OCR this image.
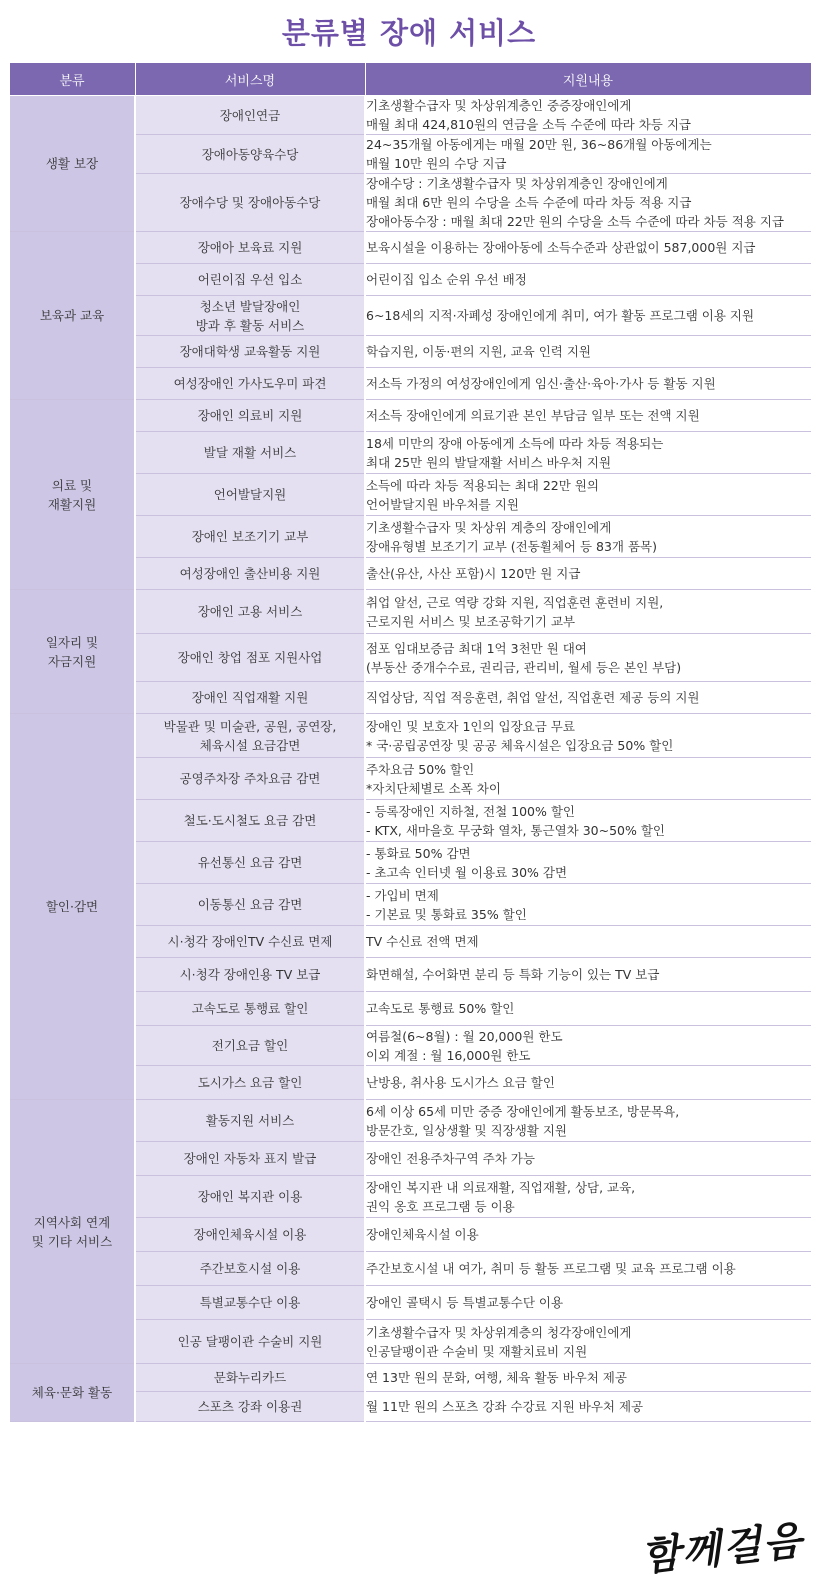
분류별 장애 서비스
분류	서비스명	지원내용

생활 보장	장애인연금	기초생활수급자 및 차상위계층인 중증장애인에게
매월 최대 424,810원의 연금을 소득 수준에 따라 차등 지급

	장애아동양육수당	24~35개월 아동에게는 매월 20만 원, 36~86개월 아동에게는
매월 10만 원의 수당 지급

	장애수당 및 장애아동수당	장애수당 : 기초생활수급자 및 차상위계층인 장애인에게
매월 최대 6만 원의 수당을 소득 수준에 따라 차등 적용 지급
장애아동수장 : 매월 최대 22만 원의 수당을 소득 수준에 따라 차등 적용 지급

보육과 교육	장애아 보육료 지원	보육시설을 이용하는 장애아동에 소득수준과 상관없이 587,000원 지급

	어린이집 우선 입소	어린이집 입소 순위 우선 배정

	청소년 발달장애인
방과 후 활동 서비스	6~18세의 지적·자폐성 장애인에게 취미, 여가 활동 프로그램 이용 지원

	장애대학생 교육활동 지원	학습지원, 이동·편의 지원, 교육 인력 지원

	여성장애인 가사도우미 파견	저소득 가정의 여성장애인에게 임신·출산·육아·가사 등 활동 지원

의료 및
재활지원	장애인 의료비 지원	저소득 장애인에게 의료기관 본인 부담금 일부 또는 전액 지원

	발달 재활 서비스	18세 미만의 장애 아동에게 소득에 따라 차등 적용되는
최대 25만 원의 발달재활 서비스 바우처 지원

	언어발달지원	소득에 따라 차등 적용되는 최대 22만 원의
언어발달지원 바우처를 지원

	장애인 보조기기 교부	기초생활수급자 및 차상위 계층의 장애인에게
장애유형별 보조기기 교부 (전동휠체어 등 83개 품목)

	여성장애인 출산비용 지원	출산(유산, 사산 포함)시 120만 원 지급

일자리 및
자금지원	장애인 고용 서비스	취업 알선, 근로 역량 강화 지원, 직업훈련 훈련비 지원,
근로지원 서비스 및 보조공학기기 교부

	장애인 창업 점포 지원사업	점포 임대보증금 최대 1억 3천만 원 대여
(부동산 중개수수료, 권리금, 관리비, 월세 등은 본인 부담)

	장애인 직업재활 지원	직업상담, 직업 적응훈련, 취업 알선, 직업훈련 제공 등의 지원

할인·감면	박물관 및 미술관, 공원, 공연장,
체육시설 요금감면	장애인 및 보호자 1인의 입장요금 무료
* 국·공립공연장 및 공공 체육시설은 입장요금 50% 할인

	공영주차장 주차요금 감면	주차요금 50% 할인
*자치단체별로 소폭 차이

	철도·도시철도 요금 감면	- 등록장애인 지하철, 전철 100% 할인
- KTX, 새마을호 무궁화 열차, 통근열차 30~50% 할인

	유선통신 요금 감면	- 통화료 50% 감면
- 초고속 인터넷 월 이용료 30% 감면

	이동통신 요금 감면	- 가입비 면제
- 기본료 및 통화료 35% 할인

	시·청각 장애인TV 수신료 면제	TV 수신료 전액 면제

	시·청각 장애인용 TV 보급	화면해설, 수어화면 분리 등 특화 기능이 있는 TV 보급

	고속도로 통행료 할인	고속도로 통행료 50% 할인

	전기요금 할인	여름철(6~8월) : 월 20,000원 한도
이외 계절 : 월 16,000원 한도

	도시가스 요금 할인	난방용, 취사용 도시가스 요금 할인

지역사회 연계
및 기타 서비스	활동지원 서비스	6세 이상 65세 미만 중증 장애인에게 활동보조, 방문목욕,
방문간호, 일상생활 및 직장생활 지원

	장애인 자동차 표지 발급	장애인 전용주차구역 주차 가능

	장애인 복지관 이용	장애인 복지관 내 의료재활, 직업재활, 상담, 교육,
권익 옹호 프로그램 등 이용

	장애인체육시설 이용	장애인체육시설 이용

	주간보호시설 이용	주간보호시설 내 여가, 취미 등 활동 프로그램 및 교육 프로그램 이용

	특별교통수단 이용	장애인 콜택시 등 특별교통수단 이용

	인공 달팽이관 수술비 지원	기초생활수급자 및 차상위계층의 청각장애인에게
인공달팽이관 수술비 및 재활치료비 지원

체육·문화 활동	문화누리카드	연 13만 원의 문화, 여행, 체육 활동 바우처 제공

	스포츠 강좌 이용권	월 11만 원의 스포츠 강좌 수강료 지원 바우처 제공
함께걸음
